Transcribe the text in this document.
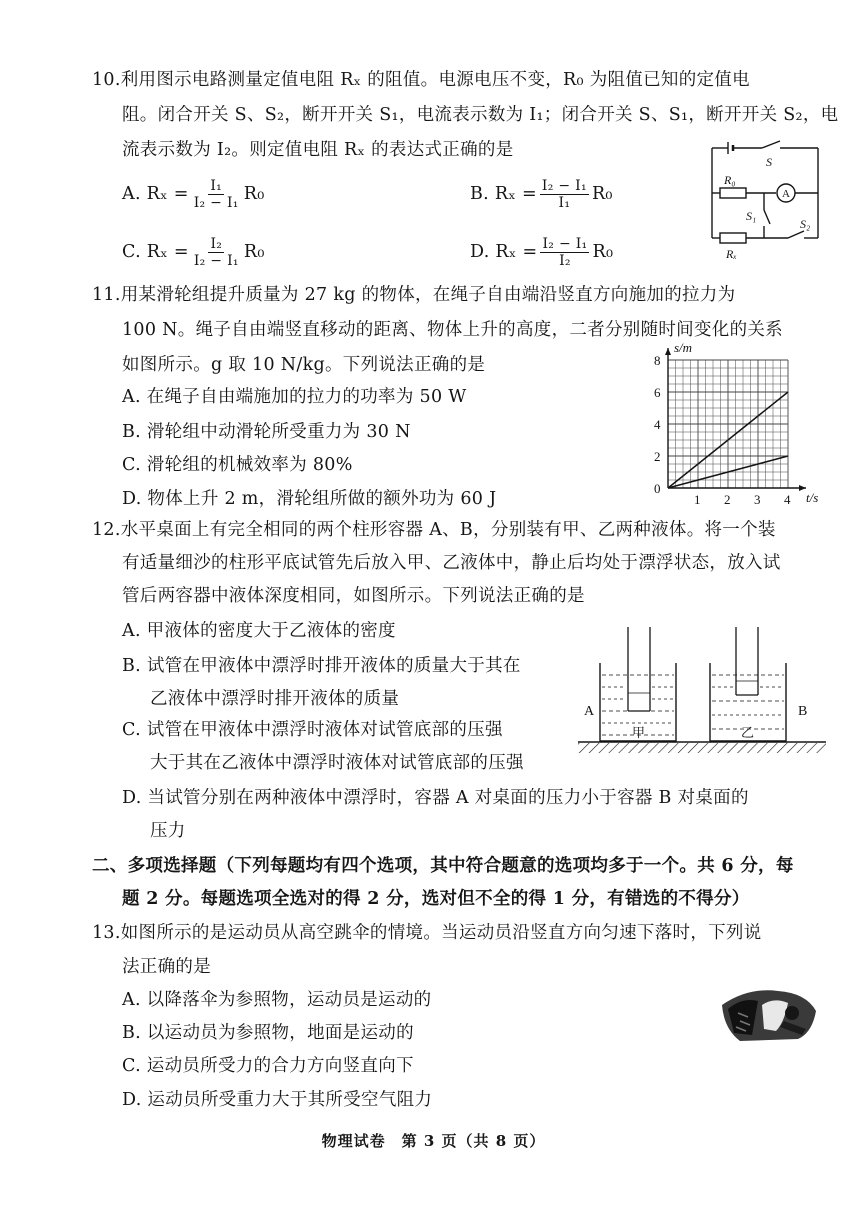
10.利用图示电路测量定值电阻 Rₓ 的阻值。电源电压不变，R₀ 为阻值已知的定值电
阻。闭合开关 S、S₂，断开开关 S₁，电流表示数为 I₁；闭合开关 S、S₁，断开开关 S₂，电
流表示数为 I₂。则定值电阻 Rₓ 的表达式正确的是
A. $R_x = \frac{\text{I₁}}{\text{I₂ − I₁}} R_0$	B. $R_x = \frac{\text{I₂ − I₁}}{\text{I₁}} R_0$
C. $R_x = \frac{\text{I₂}}{\text{I₂ − I₁}} R_0$	D. $R_x = \frac{\text{I₂ − I₁}}{\text{I₂}} R_0$
S
R₀
A
S₁
S₂
Rₓ
11.用某滑轮组提升质量为 27 kg 的物体，在绳子自由端沿竖直方向施加的拉力为
100 N。绳子自由端竖直移动的距离、物体上升的高度，二者分别随时间变化的关系
如图所示。g 取 10 N/kg。下列说法正确的是
A. 在绳子自由端施加的拉力的功率为 50 W
B. 滑轮组中动滑轮所受重力为 30 N
C. 滑轮组的机械效率为 80%
D. 物体上升 2 m，滑轮组所做的额外功为 60 J	1 2 3 4
0
2
4
6
8
t/s
s/m
12.水平桌面上有完全相同的两个柱形容器 A、B，分别装有甲、乙两种液体。将一个装
有适量细沙的柱形平底试管先后放入甲、乙液体中，静止后均处于漂浮状态，放入试
管后两容器中液体深度相同，如图所示。下列说法正确的是
A. 甲液体的密度大于乙液体的密度
B. 试管在甲液体中漂浮时排开液体的质量大于其在
乙液体中漂浮时排开液体的质量
C. 试管在甲液体中漂浮时液体对试管底部的压强
大于其在乙液体中漂浮时液体对试管底部的压强
D. 当试管分别在两种液体中漂浮时，容器 A 对桌面的压力小于容器 B 对桌面的
压力
A	B
甲	乙
二、多项选择题（下列每题均有四个选项，其中符合题意的选项均多于一个。共 6 分，每
题 2 分。每题选项全选对的得 2 分，选对但不全的得 1 分，有错选的不得分）
13.如图所示的是运动员从高空跳伞的情境。当运动员沿竖直方向匀速下落时，下列说
法正确的是
A. 以降落伞为参照物，运动员是运动的
B. 以运动员为参照物，地面是运动的
C. 运动员所受力的合力方向竖直向下
D. 运动员所受重力大于其所受空气阻力
物理试卷　第 3 页（共 8 页）
